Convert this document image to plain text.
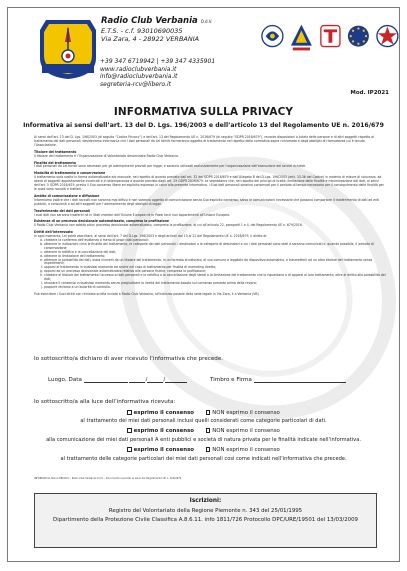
Radio Club Verbania O.d.V.
E.T.S. - c.f. 93010690035
Via Zara, 4 - 28922 VERBANIA
+39 347 6719942 | +39 347 4335901
www.radioclubverbania.it
info@radioclubverbania.it
segreteria-rcv@libero.it
Mod. IP2021
INFORMATIVA SULLA PRIVACY
Informativa ai sensi dell’art. 13 del D. Lgs. 196/2003 e dell’articolo 13 del Regolamento UE n. 2016/679
Ai sensi dell’art. 13 del D. Lgs. 196/2003 (di seguito “Codice Privacy”) e dell’art. 13 del Regolamento UE n. 2016/679 (di seguito “GDPR 2016/679”), recante disposizioni a tutela delle persone e di altri soggetti rispetto al trattamento dei dati personali, desideriamo informarLa che i dati personali da Lei forniti formeranno oggetto di trattamento nel rispetto della normativa sopra richiamata e degli obblighi di riservatezza cui è tenuta l’Associazione.
Titolare del trattamento
Il titolare del trattamento è l’Organizzazione di Volontariato denominata Radio Club Verbania.
Finalità del trattamento
I dati personali da Lei forniti sono necessari per gli adempimenti previsti per legge, e saranno utilizzati esclusivamente per l’organizzazione dell’esecuzione dei servizi richiesti.
Modalità di trattamento e conservazione
Il trattamento sarà svolto in forma automatizzata e/o manuale, nel rispetto di quanto previsto dall’art. 32 del GDPR 2016/679 e dall’Allegato B del D.Lgs. 196/2003 (artt. 33-36 del Codice) in materia di misure di sicurezza, ad opera di soggetti appositamente incaricati e in ottemperanza a quanto previsto dagli art. 29 GDPR 2016/679. Le segnaliamo che, nel rispetto dei principi di liceità, limitazione delle finalità e minimizzazione dei dati, ai sensi dell’art. 5 GDPR 2016/679, previo il Suo consenso libero ed esplicito espresso in calce alla presente informativa, i Suoi dati personali saranno conservati per il periodo di tempo necessario per il conseguimento delle finalità per le quali sono raccolti e trattati.
Ambito di comunicazione e diffusione
Informiamo inoltre che i dati raccolti non saranno mai diffusi e non saranno oggetto di comunicazione senza Suo esplicito consenso, salvo le comunicazioni necessarie che possono comportare il trasferimento di dati ad enti pubblici, a consulenti o ad altri soggetti per l’adempimento degli obblighi di legge.
Trasferimento dei dati personali
I suoi dati non saranno trasferiti né in Stati membri dell’Unione Europea né in Paesi terzi non appartenenti all’Unione Europea.
Esistenza di un processo decisionale automatizzato, compresa la profilazione
Il Radio Club Verbania non adotta alcun processo decisionale automatizzato, compresa la profilazione, di cui all’articolo 22, paragrafi 1 e 4, del Regolamento UE n. 679/2016.
Diritti dell’interessato
In ogni momento, Lei potrà esercitare, ai sensi dell’art. 7 del D.Lgs. 196/2003 e degli articoli dal 15 al 22 del Regolamento UE n. 2016/679, il diritto di:
a. chiedere la conferma dell’esistenza o meno di propri dati personali;
b. ottenere le indicazioni circa le finalità del trattamento, le categorie dei dati personali, i destinatari o le categorie di destinatari a cui i dati personali sono stati o saranno comunicati e, quando possibile, il periodo di conservazione;
c. ottenere la rettifica e la cancellazione dei dati;
d. ottenere la limitazione del trattamento;
e. ottenere la portabilità dei dati, ossia riceverli da un titolare del trattamento, in un formato strutturato, di uso comune e leggibile da dispositivo automatico, e trasmetterli ad un altro titolare del trattamento senza impedimenti;
f. opporsi al trattamento in qualsiasi momento ed anche nel caso di trattamento per finalità di marketing diretto;
g. opporsi ad un processo decisionale automatizzato relativo alle persone fisiche, compresa la profilazione;
h. chiedere al titolare del trattamento l’accesso ai dati personali e la rettifica o la cancellazione degli stessi o la limitazione del trattamento che lo riguardano o di opporsi al loro trattamento, oltre al diritto alla portabilità dei dati;
i. revocare il consenso in qualsiasi momento senza pregiudicare la liceità del trattamento basata sul consenso prestato prima della revoca;
j. proporre reclamo a un’autorità di controllo.
Può esercitare i Suoi diritti con richiesta scritta inviata a Radio Club Verbania, all’indirizzo postale della sede legale in Via Zara, 4 a Verbania (VB).
Io sottoscritto/a dichiaro di aver ricevuto l’informativa che precede.
Luogo, Data	/	/	Timbro e Firma
Io sottoscritto/a alla luce dell’informativa ricevuta:
esprimo il consenso	NON esprimo il consenso
al trattamento dei miei dati personali inclusi quelli considerati come categorie particolari di dati.
esprimo il consenso	NON esprimo il consenso
alla comunicazione dei miei dati personali A enti pubblici e società di natura privata per le finalità indicate nell’informativa.
esprimo il consenso	NON esprimo il consenso
al trattamento delle categorie particolari dei miei dati personali così come indicati nell’informativa che precede.
INFORMATIVA SULLA PRIVACY - Radio Club Verbania O.d.V. - Documento riservato ai sensi del Regolamento UE n. 2016/679.
Iscrizioni:
Registro del Volontariato della Regione Piemonte n. 343 del 25/01/1995
Dipartimento della Protezione Civile Classifica A.8.6.11. info 1811/726 Protocollo DPC/URE/19501 del 13/03/2009
